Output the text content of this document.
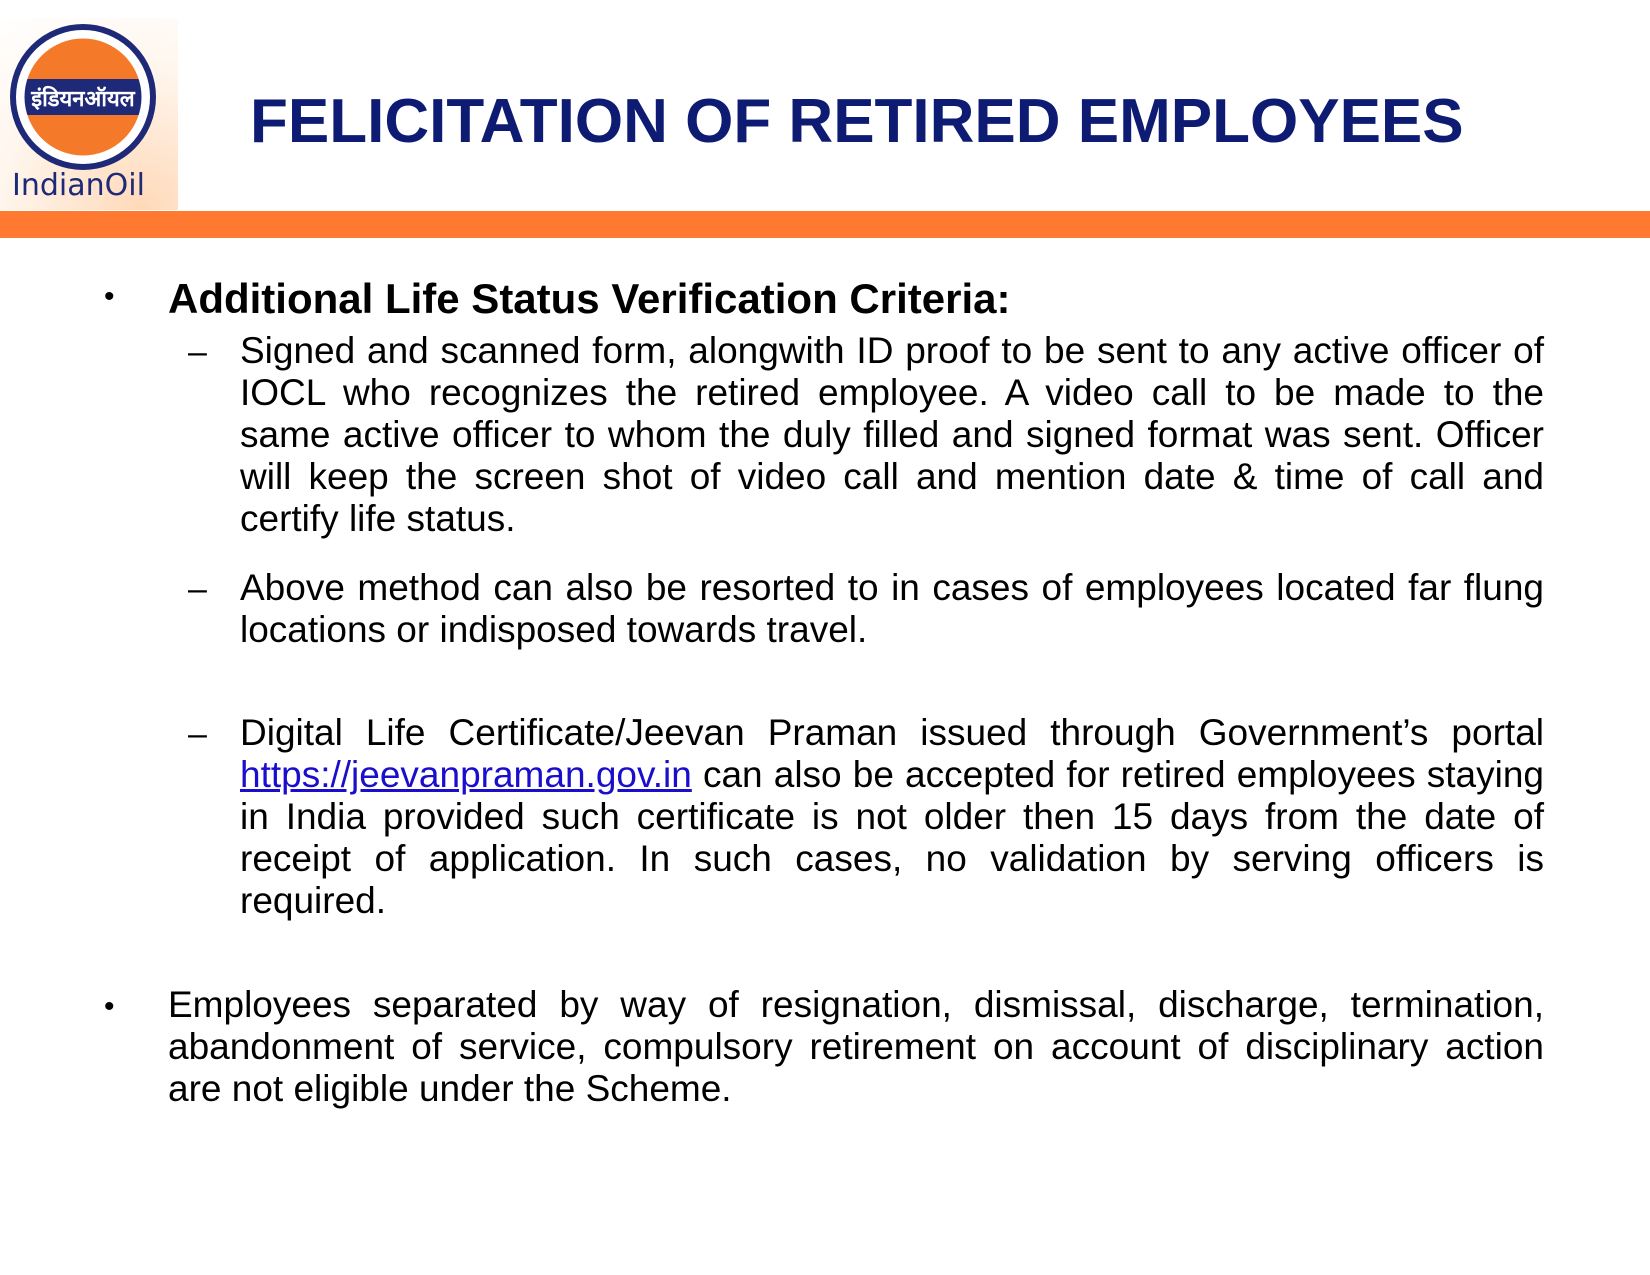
इंडियनऑयल
IndianOil
FELICITATION OF RETIRED EMPLOYEES
• Additional Life Status Verification Criteria:

– Signed and scanned form, alongwith ID proof to be sent to any active officer of IOCL who recognizes the retired employee. A video call to be made to the same active officer to whom the duly filled and signed format was sent. Officer will keep the screen shot of video call and mention date & time of call and certify life status.

– Above method can also be resorted to in cases of employees located far flung locations or indisposed towards travel.

– Digital Life Certificate/Jeevan Praman issued through Government’s portal https://jeevanpraman.gov.in can also be accepted for retired employees staying in India provided such certificate is not older then 15 days from the date of receipt of application. In such cases, no validation by serving officers is required.

• Employees separated by way of resignation, dismissal, discharge, termination, abandonment of service, compulsory retirement on account of disciplinary action are not eligible under the Scheme.
